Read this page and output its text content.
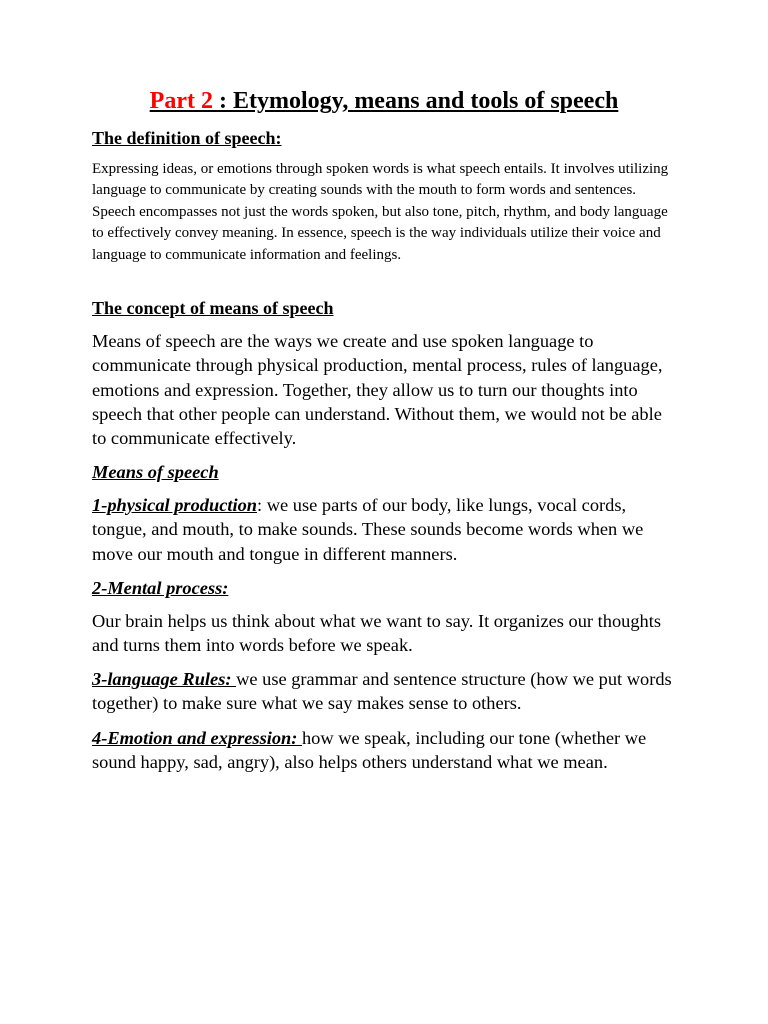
Part 2 : Etymology, means and tools of speech
The definition of speech:
Expressing ideas, or emotions through spoken words is what speech entails. It involves utilizing language to communicate by creating sounds with the mouth to form words and sentences. Speech encompasses not just the words spoken, but also tone, pitch, rhythm, and body language to effectively convey meaning. In essence, speech is the way individuals utilize their voice and language to communicate information and feelings.
The concept of means of speech
Means of speech are the ways we create and use spoken language to communicate through physical production, mental process, rules of language, emotions and expression. Together, they allow us to turn our thoughts into speech that other people can understand. Without them, we would not be able to communicate effectively.
Means of speech
1-physical production: we use parts of our body, like lungs, vocal cords, tongue, and mouth, to make sounds. These sounds become words when we move our mouth and tongue in different manners.
2-Mental process:
Our brain helps us think about what we want to say. It organizes our thoughts and turns them into words before we speak.
3-language Rules: we use grammar and sentence structure (how we put words together) to make sure what we say makes sense to others.
4-Emotion and expression: how we speak, including our tone (whether we sound happy, sad, angry), also helps others understand what we mean.
